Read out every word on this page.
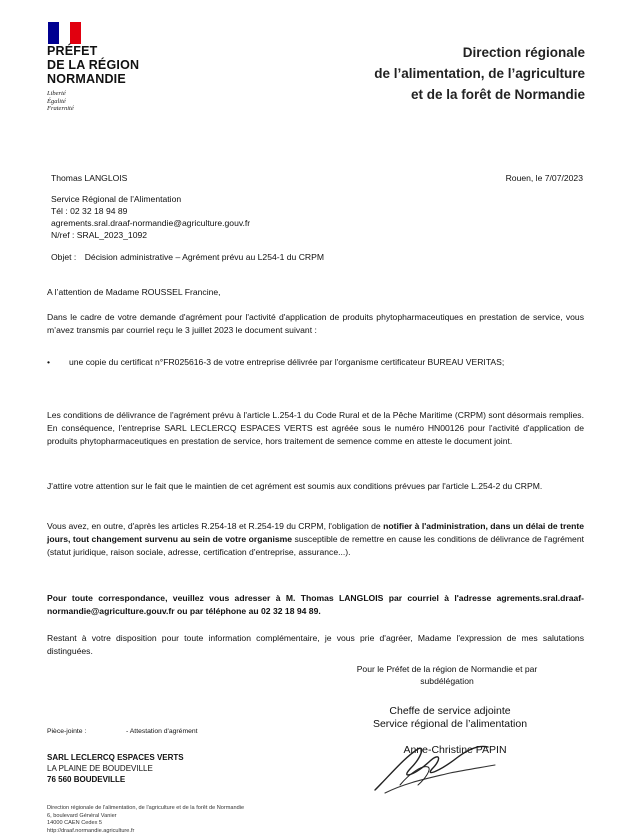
PRÉFET
DE LA RÉGION
NORMANDIE
Liberté
Égalité
Fraternité
Direction régionale
de l’alimentation, de l’agriculture
et de la forêt de Normandie
Thomas LANGLOIS	Rouen, le 7/07/2023
Service Régional de l'Alimentation
Tél : 02 32 18 94 89
agrements.sral.draaf-normandie@agriculture.gouv.fr
N/ref : SRAL_2023_1092
Objet : Décision administrative – Agrément prévu au L254-1 du CRPM
A l’attention de Madame ROUSSEL Francine,
Dans le cadre de votre demande d'agrément pour l'activité d'application de produits phytopharmaceutiques en prestation de service, vous m’avez transmis par courriel reçu le 3 juillet 2023 le document suivant :
•	une copie du certificat n°FR025616-3 de votre entreprise délivrée par l'organisme certificateur BUREAU VERITAS;
Les conditions de délivrance de l'agrément prévu à l'article L.254-1 du Code Rural et de la Pêche Maritime (CRPM) sont désormais remplies. En conséquence, l'entreprise SARL LECLERCQ ESPACES VERTS est agréée sous le numéro HN00126 pour l'activité d'application de produits phytopharmaceutiques en prestation de service, hors traitement de semence comme en atteste le document joint.
J'attire votre attention sur le fait que le maintien de cet agrément est soumis aux conditions prévues par l'article L.254-2 du CRPM.
Vous avez, en outre, d'après les articles R.254-18 et R.254-19 du CRPM, l'obligation de notifier à l'administration, dans un délai de trente jours, tout changement survenu au sein de votre organisme susceptible de remettre en cause les conditions de délivrance de l'agrément (statut juridique, raison sociale, adresse, certification d'entreprise, assurance...).
Pour toute correspondance, veuillez vous adresser à M. Thomas LANGLOIS par courriel à l'adresse agrements.sral.draaf-normandie@agriculture.gouv.fr ou par téléphone au 02 32 18 94 89.
Restant à votre disposition pour toute information complémentaire, je vous prie d'agréer, Madame l'expression de mes salutations distinguées.
Pour le Préfet de la région de Normandie et par
subdélégation
Cheffe de service adjointe
Service régional de l’alimentation
Anne-Christine PAPIN
Pièce-jointe :	- Attestation d'agrément
SARL LECLERCQ ESPACES VERTS
LA PLAINE DE BOUDEVILLE
76 560 BOUDEVILLE
Direction régionale de l'alimentation, de l'agriculture et de la forêt de Normandie
6, boulevard Général Vanier
14000 CAEN Cedex 5
http://draaf.normandie.agriculture.fr
